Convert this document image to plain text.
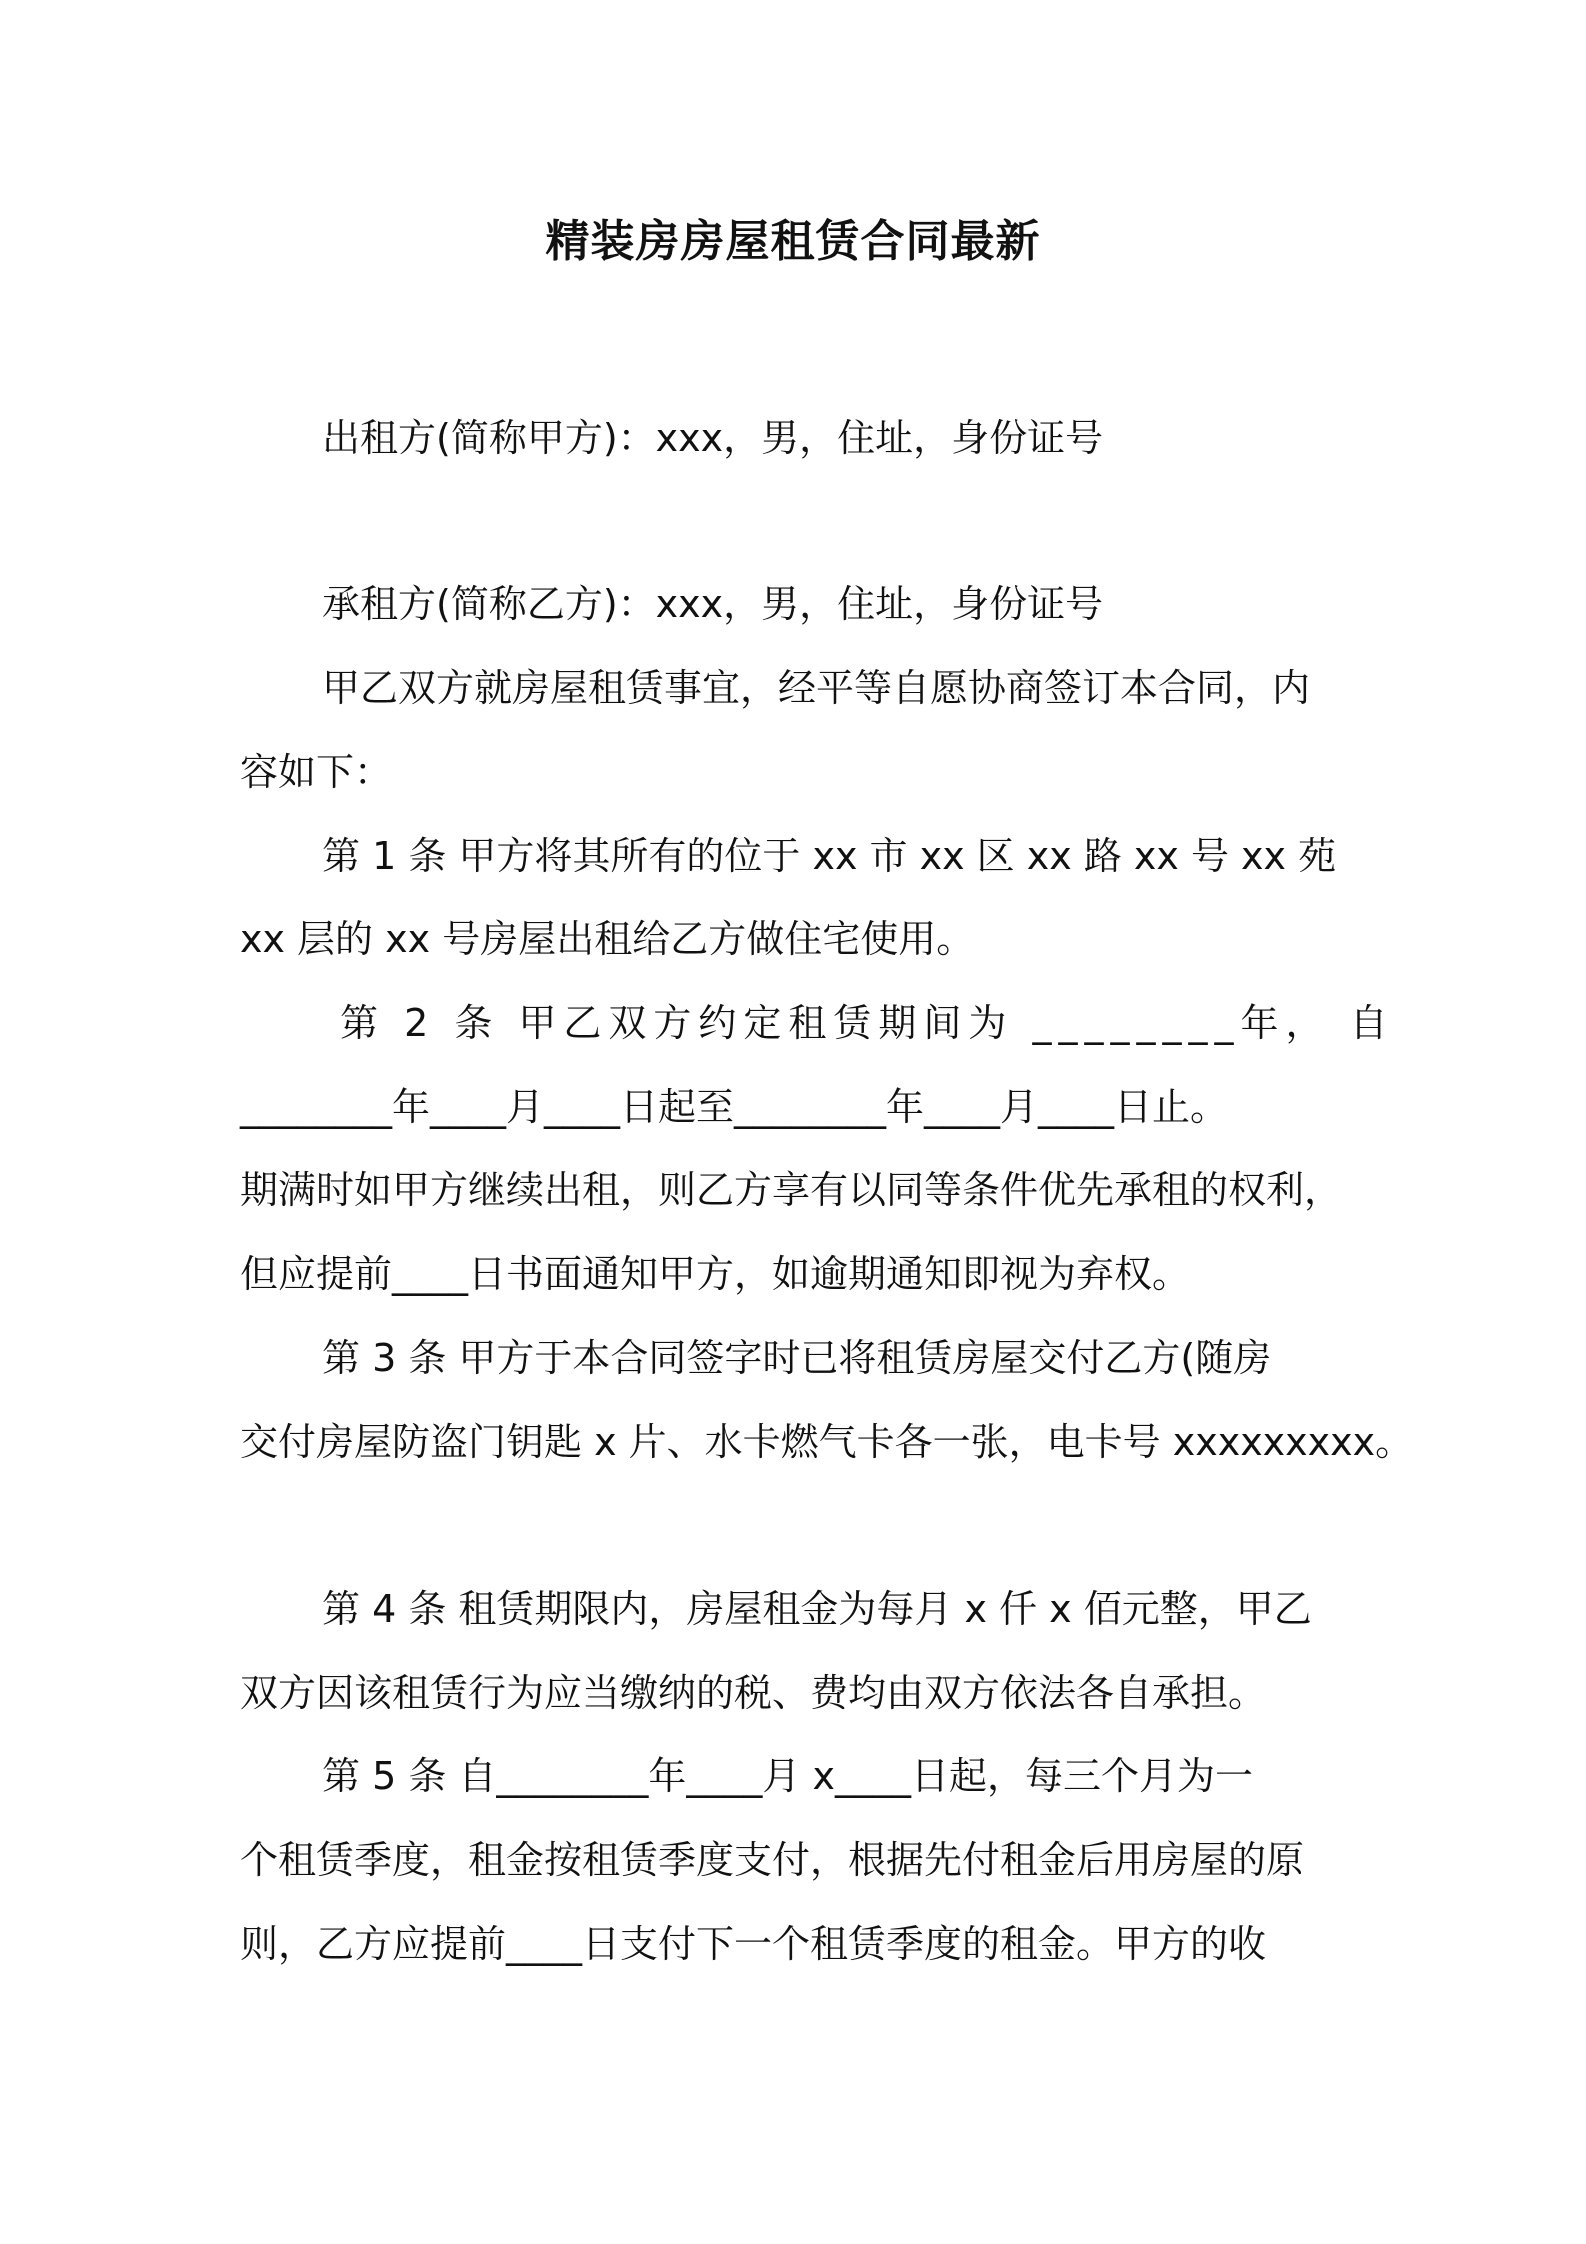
精装房房屋租赁合同最新
出租方(简称甲方)：xxx，男，住址，身份证号
承租方(简称乙方)：xxx，男，住址，身份证号
甲乙双方就房屋租赁事宜，经平等自愿协商签订本合同，内
容如下：
第 1 条 甲方将其所有的位于 xx 市 xx 区 xx 路 xx 号 xx 苑
xx 层的 xx 号房屋出租给乙方做住宅使用。
第 2 条 甲乙双方约定租赁期间为 ________年， 自
________年____月____日起至________年____月____日止。
期满时如甲方继续出租，则乙方享有以同等条件优先承租的权利，
但应提前____日书面通知甲方，如逾期通知即视为弃权。
第 3 条 甲方于本合同签字时已将租赁房屋交付乙方(随房
交付房屋防盗门钥匙 x 片、水卡燃气卡各一张，电卡号 xxxxxxxxx。
第 4 条 租赁期限内，房屋租金为每月 x 仟 x 佰元整，甲乙
双方因该租赁行为应当缴纳的税、费均由双方依法各自承担。
第 5 条 自________年____月 x____日起，每三个月为一
个租赁季度，租金按租赁季度支付，根据先付租金后用房屋的原
则，乙方应提前____日支付下一个租赁季度的租金。甲方的收
